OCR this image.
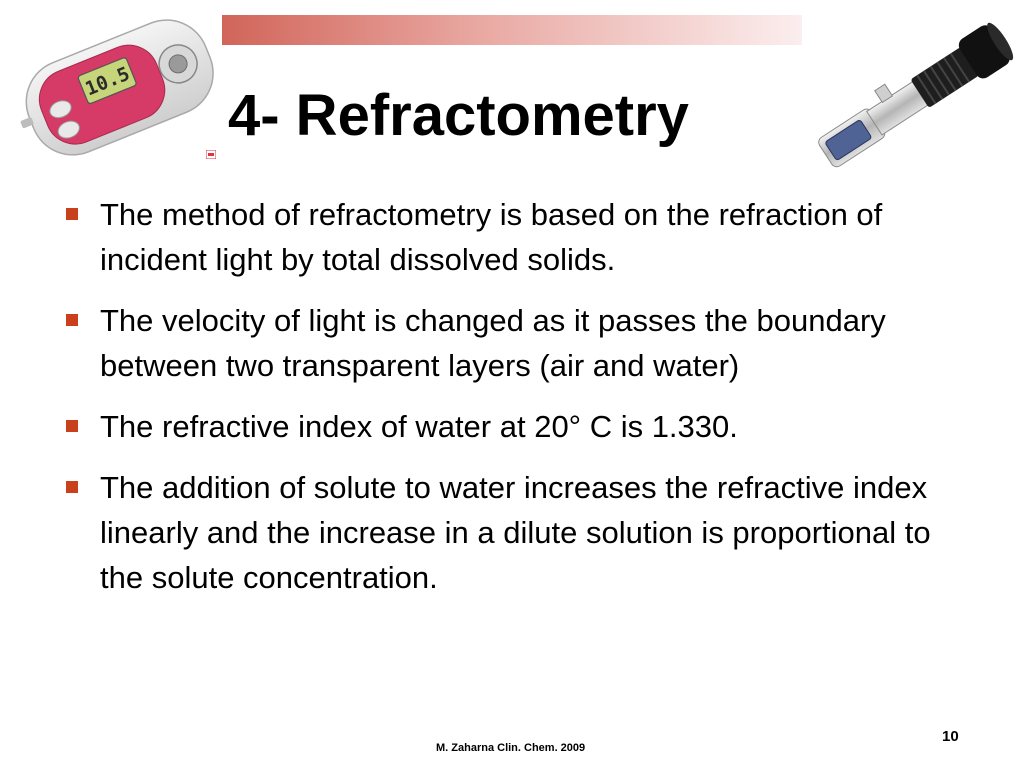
10.5
4- Refractometry
The method of refractometry is based on the refraction of incident light by total dissolved solids.
The velocity of light is changed as it passes the boundary between two transparent layers (air and water)
The refractive index of water at 20° C is 1.330.
The addition of solute to water increases the refractive index linearly and the increase in a dilute solution is proportional to the solute concentration.
M. Zaharna Clin. Chem. 2009
10
